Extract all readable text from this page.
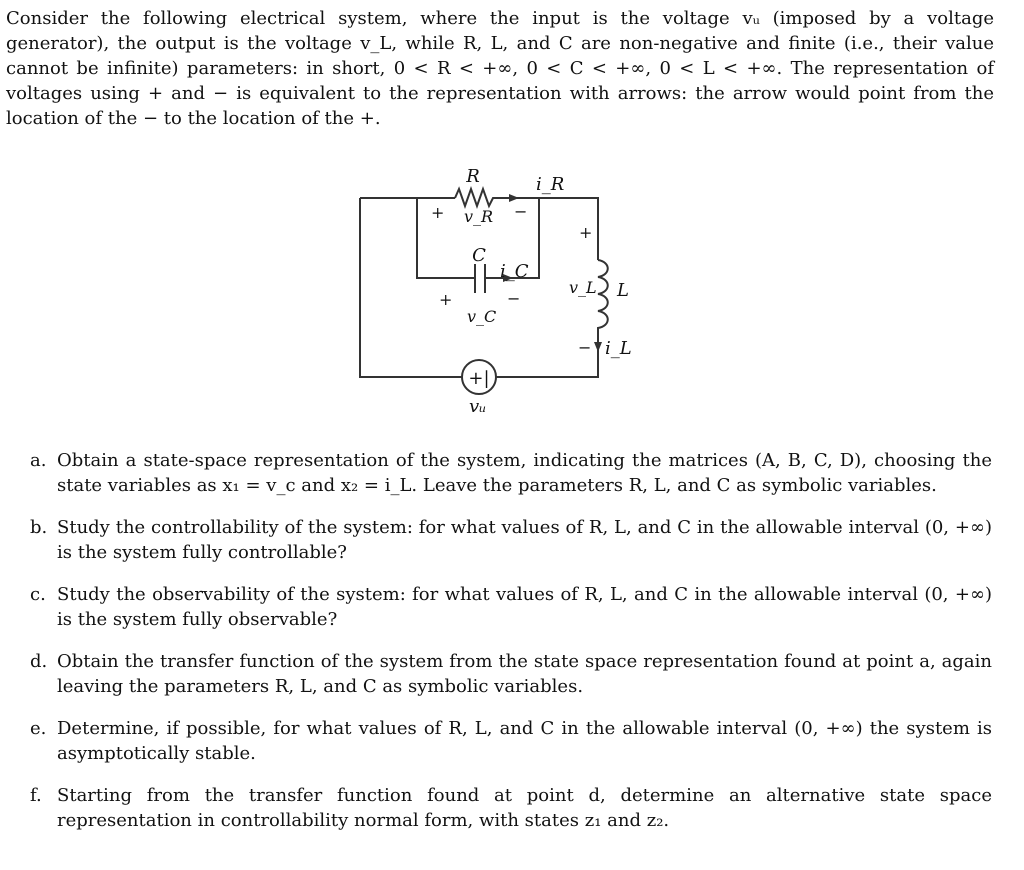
Consider the following electrical system, where the input is the voltage vᵤ (imposed by a voltage generator), the output is the voltage v_L, while R, L, and C are non-negative and finite (i.e., their value cannot be infinite) parameters: in short, 0 < R < +∞, 0 < C < +∞, 0 < L < +∞. The representation of voltages using + and − is equivalent to the representation with arrows: the arrow would point from the location of the − to the location of the +.

+|
R	i_R
v_R
+	−
C
i_C
v_C
+	−
+
v_L L
− i_L
vᵤ
a. Obtain a state-space representation of the system, indicating the matrices (A, B, C, D), choosing the state variables as x₁ = v_c and x₂ = i_L. Leave the parameters R, L, and C as symbolic variables.
b. Study the controllability of the system: for what values of R, L, and C in the allowable interval (0, +∞) is the system fully controllable?
c. Study the observability of the system: for what values of R, L, and C in the allowable interval (0, +∞) is the system fully observable?
d. Obtain the transfer function of the system from the state space representation found at point a, again leaving the parameters R, L, and C as symbolic variables.
e. Determine, if possible, for what values of R, L, and C in the allowable interval (0, +∞) the system is asymptotically stable.
f. Starting from the transfer function found at point d, determine an alternative state space representation in controllability normal form, with states z₁ and z₂.
